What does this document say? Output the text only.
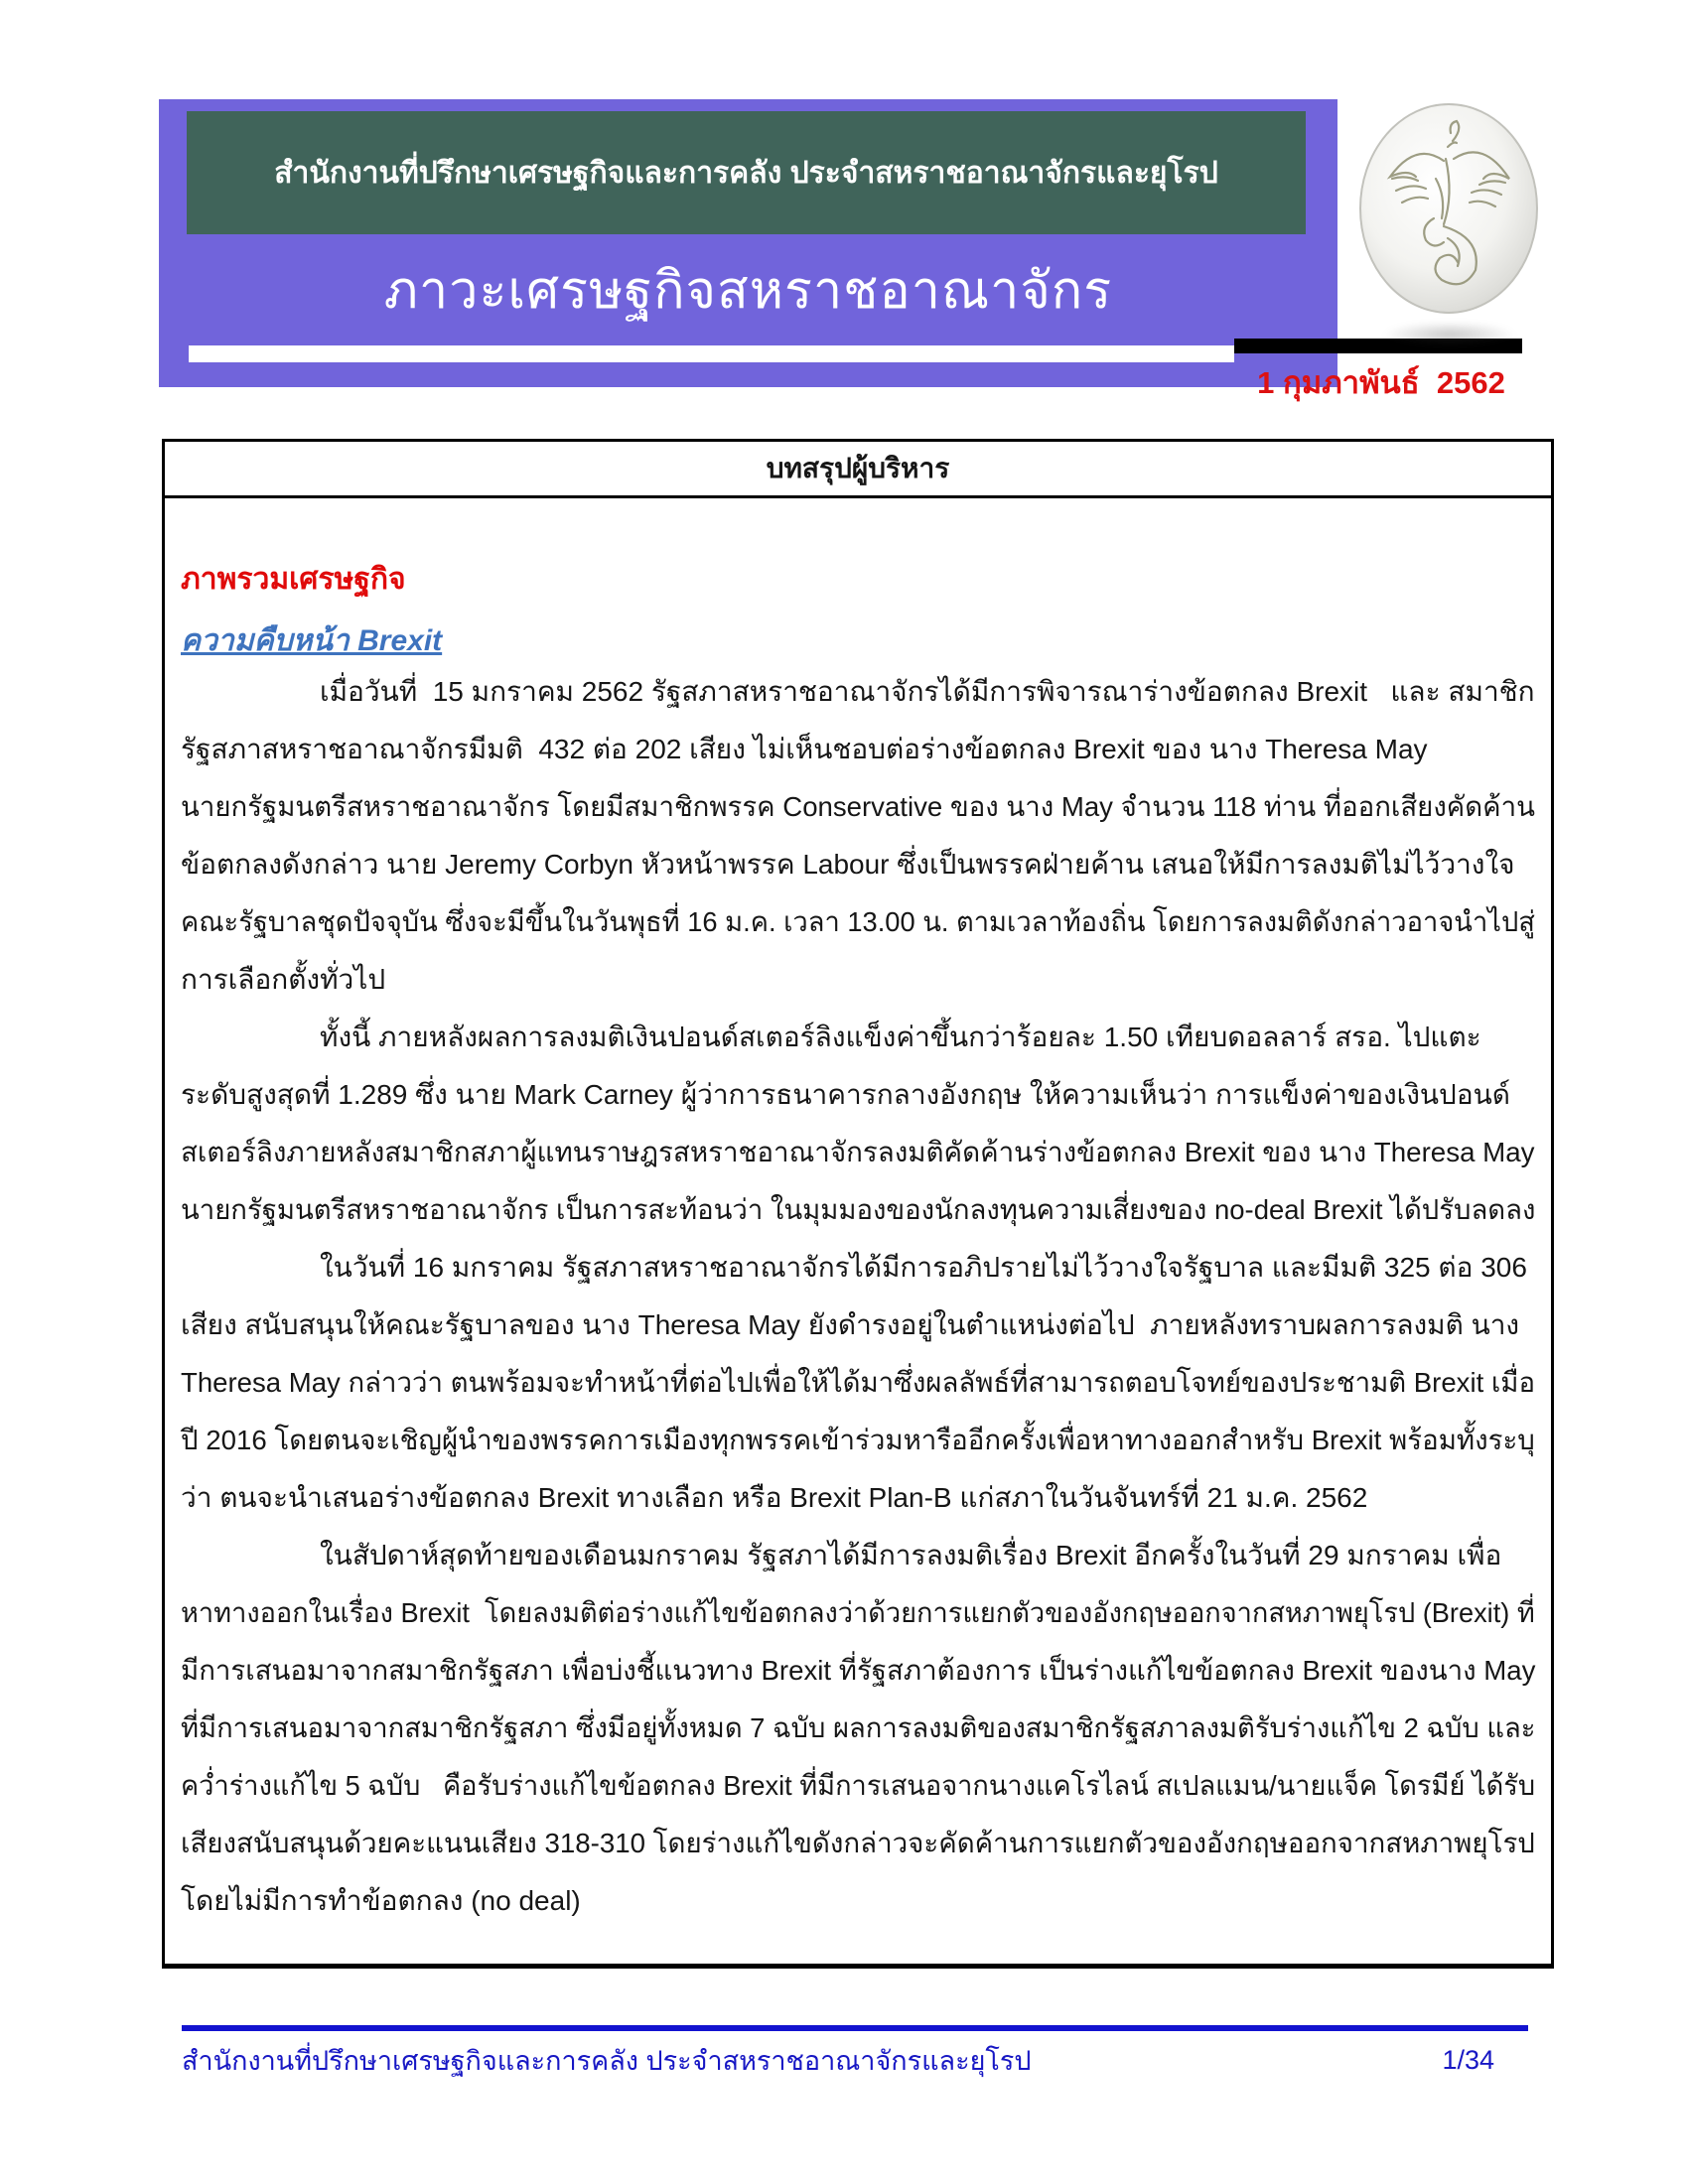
สำนักงานที่ปรึกษาเศรษฐกิจและการคลัง ประจำสหราชอาณาจักรและยุโรป
ภาวะเศรษฐกิจสหราชอาณาจักร
1 กุมภาพันธ์  2562
บทสรุปผู้บริหาร
ภาพรวมเศรษฐกิจ
ความคืบหน้า Brexit
เมื่อวันที่  15 มกราคม 2562 รัฐสภาสหราชอาณาจักรได้มีการพิจารณาร่างข้อตกลง Brexit   และ สมาชิก
รัฐสภาสหราชอาณาจักรมีมติ  432 ต่อ 202 เสียง ไม่เห็นชอบต่อร่างข้อตกลง Brexit ของ นาง Theresa May
นายกรัฐมนตรีสหราชอาณาจักร โดยมีสมาชิกพรรค Conservative ของ นาง May จำนวน 118 ท่าน ที่ออกเสียงคัดค้าน
ข้อตกลงดังกล่าว นาย Jeremy Corbyn หัวหน้าพรรค Labour ซึ่งเป็นพรรคฝ่ายค้าน เสนอให้มีการลงมติไม่ไว้วางใจ
คณะรัฐบาลชุดปัจจุบัน ซึ่งจะมีขึ้นในวันพุธที่ 16 ม.ค. เวลา 13.00 น. ตามเวลาท้องถิ่น โดยการลงมติดังกล่าวอาจนำไปสู่
การเลือกตั้งทั่วไป
ทั้งนี้ ภายหลังผลการลงมติเงินปอนด์สเตอร์ลิงแข็งค่าขึ้นกว่าร้อยละ 1.50 เทียบดอลลาร์ สรอ. ไปแตะ
ระดับสูงสุดที่ 1.289 ซึ่ง นาย Mark Carney ผู้ว่าการธนาคารกลางอังกฤษ ให้ความเห็นว่า การแข็งค่าของเงินปอนด์
สเตอร์ลิงภายหลังสมาชิกสภาผู้แทนราษฎรสหราชอาณาจักรลงมติคัดค้านร่างข้อตกลง Brexit ของ นาง Theresa May
นายกรัฐมนตรีสหราชอาณาจักร เป็นการสะท้อนว่า ในมุมมองของนักลงทุนความเสี่ยงของ no-deal Brexit ได้ปรับลดลง
ในวันที่ 16 มกราคม รัฐสภาสหราชอาณาจักรได้มีการอภิปรายไม่ไว้วางใจรัฐบาล และมีมติ 325 ต่อ 306
เสียง สนับสนุนให้คณะรัฐบาลของ นาง Theresa May ยังดำรงอยู่ในตำแหน่งต่อไป  ภายหลังทราบผลการลงมติ นาง
Theresa May กล่าวว่า ตนพร้อมจะทำหน้าที่ต่อไปเพื่อให้ได้มาซึ่งผลลัพธ์ที่สามารถตอบโจทย์ของประชามติ Brexit เมื่อ
ปี 2016 โดยตนจะเชิญผู้นำของพรรคการเมืองทุกพรรคเข้าร่วมหารืออีกครั้งเพื่อหาทางออกสำหรับ Brexit พร้อมทั้งระบุ
ว่า ตนจะนำเสนอร่างข้อตกลง Brexit ทางเลือก หรือ Brexit Plan-B แก่สภาในวันจันทร์ที่ 21 ม.ค. 2562
ในสัปดาห์สุดท้ายของเดือนมกราคม รัฐสภาได้มีการลงมติเรื่อง Brexit อีกครั้งในวันที่ 29 มกราคม เพื่อ
หาทางออกในเรื่อง Brexit  โดยลงมติต่อร่างแก้ไขข้อตกลงว่าด้วยการแยกตัวของอังกฤษออกจากสหภาพยุโรป (Brexit) ที่
มีการเสนอมาจากสมาชิกรัฐสภา เพื่อบ่งชี้แนวทาง Brexit ที่รัฐสภาต้องการ เป็นร่างแก้ไขข้อตกลง Brexit ของนาง May
ที่มีการเสนอมาจากสมาชิกรัฐสภา ซึ่งมีอยู่ทั้งหมด 7 ฉบับ ผลการลงมติของสมาชิกรัฐสภาลงมติรับร่างแก้ไข 2 ฉบับ และ
คว่ำร่างแก้ไข 5 ฉบับ   คือรับร่างแก้ไขข้อตกลง Brexit ที่มีการเสนอจากนางแคโรไลน์ สเปลแมน/นายแจ็ค โดรมีย์ ได้รับ
เสียงสนับสนุนด้วยคะแนนเสียง 318-310 โดยร่างแก้ไขดังกล่าวจะคัดค้านการแยกตัวของอังกฤษออกจากสหภาพยุโรป
โดยไม่มีการทำข้อตกลง (no deal)
สำนักงานที่ปรึกษาเศรษฐกิจและการคลัง ประจำสหราชอาณาจักรและยุโรป	1/34
